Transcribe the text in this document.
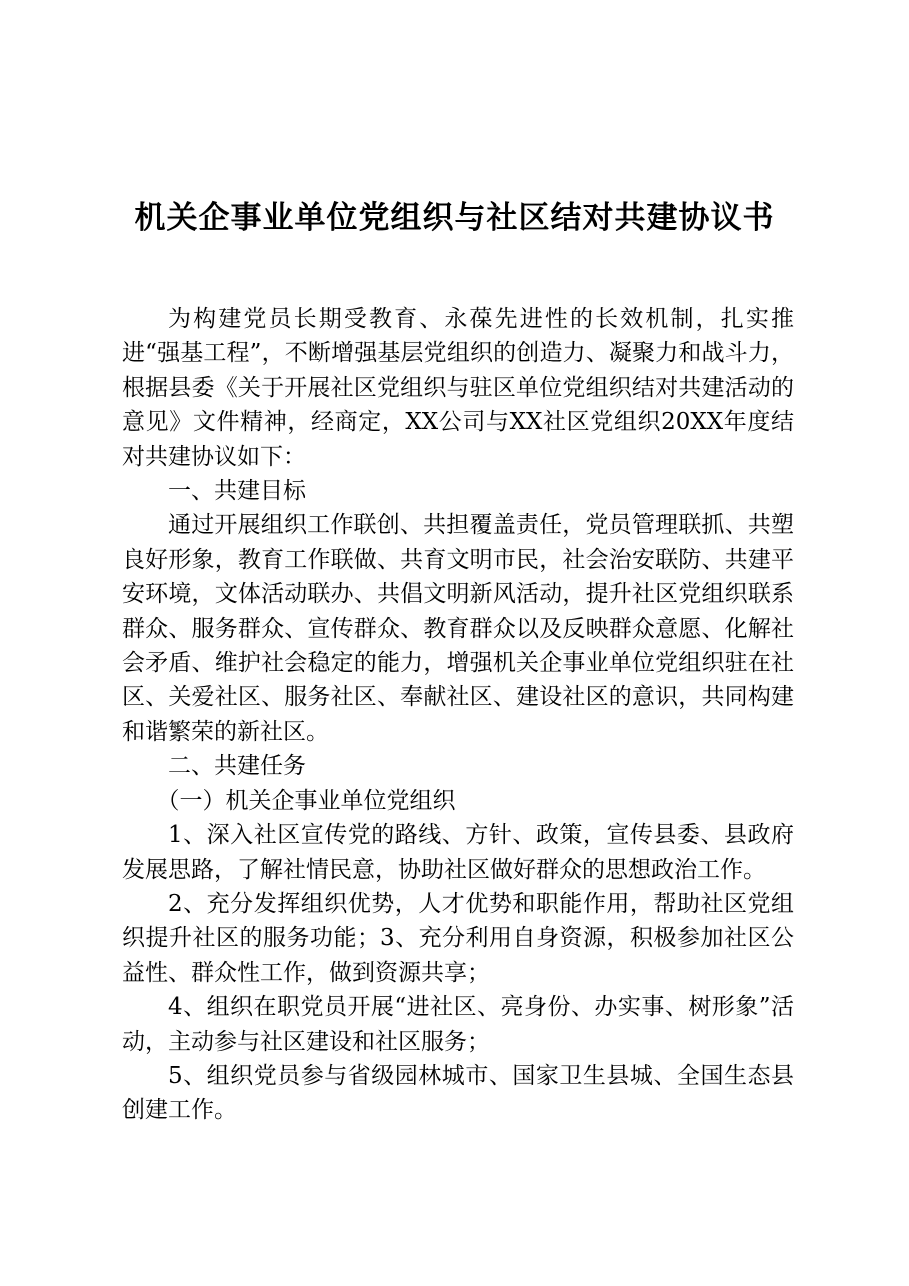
机关企事业单位党组织与社区结对共建协议书

为构建党员长期受教育、永葆先进性的长效机制，扎实推进“强基工程”，不断增强基层党组织的创造力、凝聚力和战斗力，根据县委《关于开展社区党组织与驻区单位党组织结对共建活动的意见》文件精神，经商定，XX公司与XX社区党组织20XX年度结对共建协议如下：

一、共建目标

通过开展组织工作联创、共担覆盖责任，党员管理联抓、共塑良好形象，教育工作联做、共育文明市民，社会治安联防、共建平安环境，文体活动联办、共倡文明新风活动，提升社区党组织联系群众、服务群众、宣传群众、教育群众以及反映群众意愿、化解社会矛盾、维护社会稳定的能力，增强机关企事业单位党组织驻在社区、关爱社区、服务社区、奉献社区、建设社区的意识，共同构建和谐繁荣的新社区。

二、共建任务

（一）机关企事业单位党组织

1、深入社区宣传党的路线、方针、政策，宣传县委、县政府发展思路，了解社情民意，协助社区做好群众的思想政治工作。

2、充分发挥组织优势，人才优势和职能作用，帮助社区党组织提升社区的服务功能；3、充分利用自身资源，积极参加社区公益性、群众性工作，做到资源共享；

4、组织在职党员开展“进社区、亮身份、办实事、树形象”活动，主动参与社区建设和社区服务；

5、组织党员参与省级园林城市、国家卫生县城、全国生态县创建工作。
